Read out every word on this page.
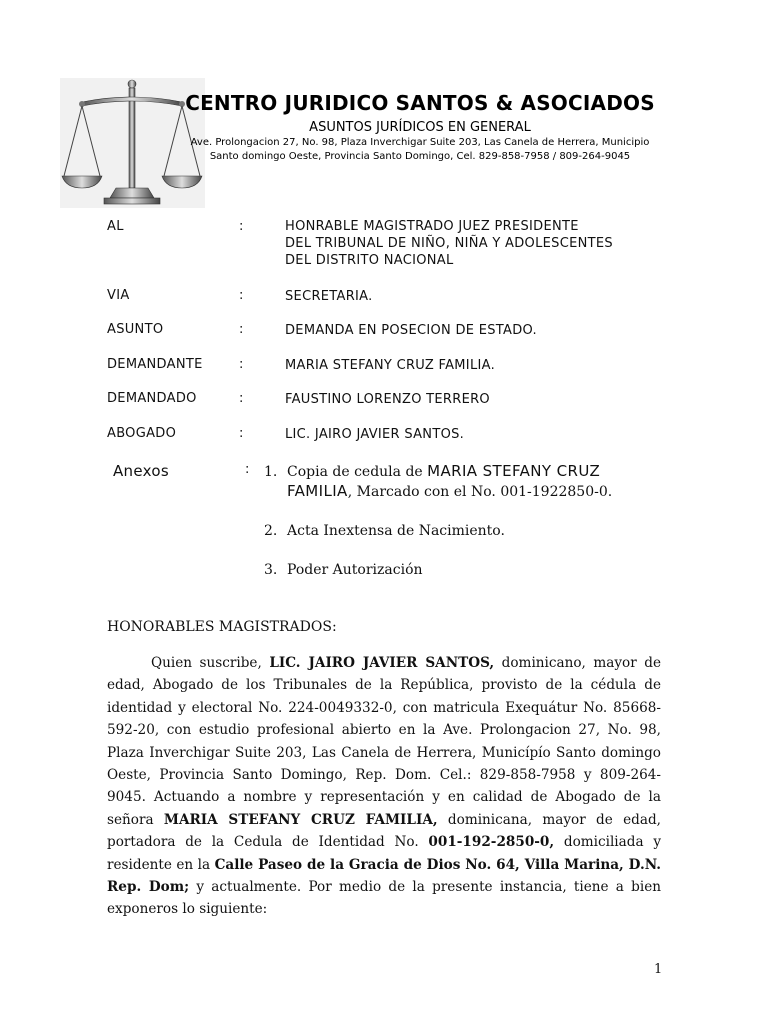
CENTRO JURIDICO SANTOS & ASOCIADOS
ASUNTOS JURÍDICOS EN GENERAL
Ave. Prolongacion 27, No. 98, Plaza Inverchigar Suite 203, Las Canela de Herrera, Municipio
Santo domingo Oeste, Provincia Santo Domingo, Cel. 829-858-7958 / 809-264-9045
AL	:	HONRABLE MAGISTRADO JUEZ PRESIDENTE
DEL TRIBUNAL DE NIÑO, NIÑA Y ADOLESCENTES
DEL DISTRITO NACIONAL
VIA	:	SECRETARIA.
ASUNTO	:	DEMANDA EN POSECION DE ESTADO.
DEMANDANTE	:	MARIA STEFANY CRUZ FAMILIA.
DEMANDADO	:	FAUSTINO LORENZO TERRERO
ABOGADO	:	LIC. JAIRO JAVIER SANTOS.
Anexos	: 1. Copia de cedula de MARIA STEFANY CRUZ
FAMILIA, Marcado con el No. 001-1922850-0.
2. Acta Inextensa de Nacimiento.
3. Poder Autorización
HONORABLES MAGISTRADOS:
Quien suscribe, LIC. JAIRO JAVIER SANTOS, dominicano, mayor de edad, Abogado de los Tribunales de la República, provisto de la cédula de identidad y electoral No. 224-0049332-0, con matricula Exequátur No. 85668-592-20, con estudio profesional abierto en la Ave. Prolongacion 27, No. 98, Plaza Inverchigar Suite 203, Las Canela de Herrera, Municípío Santo domingo Oeste, Provincia Santo Domingo, Rep. Dom. Cel.: 829-858-7958 y 809-264-9045. Actuando a nombre y representación y en calidad de Abogado de la señora MARIA STEFANY CRUZ FAMILIA, dominicana, mayor de edad, portadora de la Cedula de Identidad No. 001-192-2850-0, domiciliada y residente en la Calle Paseo de la Gracia de Dios No. 64, Villa Marina, D.N. Rep. Dom; y actualmente. Por medio de la presente instancia, tiene a bien exponeros lo siguiente:
1
